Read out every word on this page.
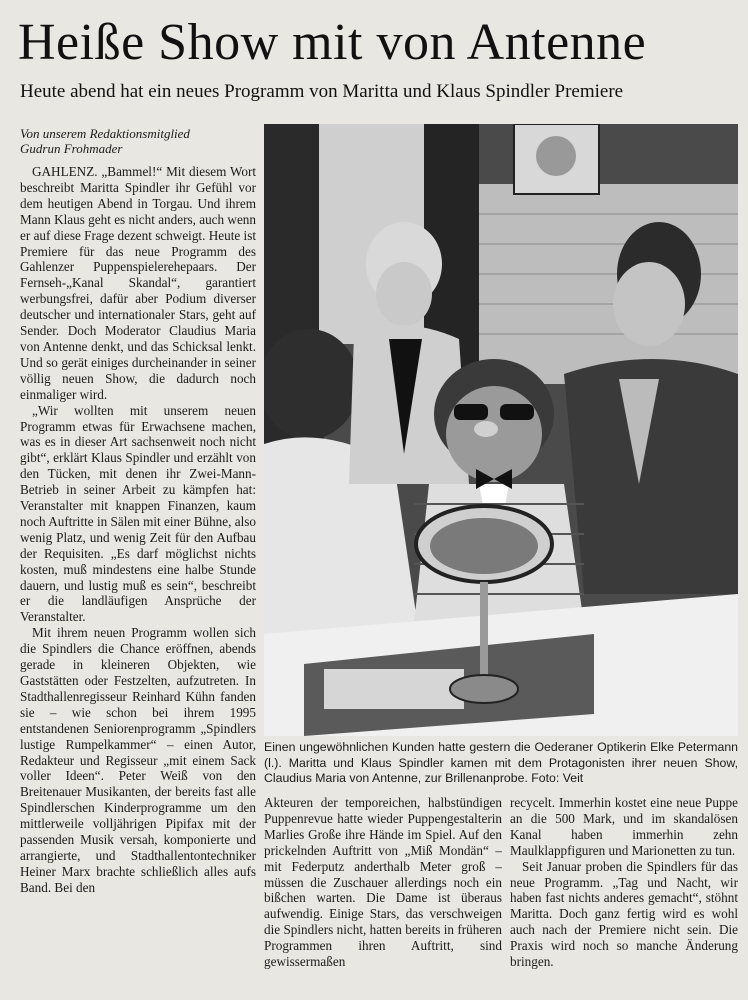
Heiße Show mit von Antenne
Heute abend hat ein neues Programm von Maritta und Klaus Spindler Premiere
Von unserem Redaktionsmitglied
Gudrun Frohmader

GAHLENZ. „Bammel!“ Mit diesem Wort beschreibt Maritta Spindler ihr Gefühl vor dem heutigen Abend in Torgau. Und ihrem Mann Klaus geht es nicht anders, auch wenn er auf diese Frage dezent schweigt. Heute ist Premiere für das neue Programm des Gahlenzer Puppenspielerehepaars. Der Fernseh-„Kanal Skandal“, garantiert werbungsfrei, dafür aber Podium diverser deutscher und internationaler Stars, geht auf Sender. Doch Moderator Claudius Maria von Antenne denkt, und das Schicksal lenkt. Und so gerät einiges durcheinander in seiner völlig neuen Show, die dadurch noch einmaliger wird.

„Wir wollten mit unserem neuen Programm etwas für Erwachsene machen, was es in dieser Art sachsenweit noch nicht gibt“, erklärt Klaus Spindler und erzählt von den Tücken, mit denen ihr Zwei-Mann-Betrieb in seiner Arbeit zu kämpfen hat: Veranstalter mit knappen Finanzen, kaum noch Auftritte in Sälen mit einer Bühne, also wenig Platz, und wenig Zeit für den Aufbau der Requisiten. „Es darf möglichst nichts kosten, muß mindestens eine halbe Stunde dauern, und lustig muß es sein“, beschreibt er die landläufigen Ansprüche der Veranstalter.

Mit ihrem neuen Programm wollen sich die Spindlers die Chance eröffnen, abends gerade in kleineren Objekten, wie Gaststätten oder Festzelten, aufzutreten. In Stadthallenregisseur Reinhard Kühn fanden sie – wie schon bei ihrem 1995 entstandenen Seniorenprogramm „Spindlers lustige Rumpelkammer“ – einen Autor, Redakteur und Regisseur „mit einem Sack voller Ideen“. Peter Weiß von den Breitenauer Musikanten, der bereits fast alle Spindlerschen Kinderprogramme um den mittlerweile volljährigen Pipifax mit der passenden Musik versah, komponierte und arrangierte, und Stadthallentontechniker Heiner Marx brachte schließlich alles aufs Band. Bei den

Einen ungewöhnlichen Kunden hatte gestern die Oederaner Optikerin Elke Petermann (l.). Maritta und Klaus Spindler kamen mit dem Protagonisten ihrer neuen Show, Claudius Maria von Antenne, zur Brillenanprobe. Foto: Veit

Akteuren der temporeichen, halbstündigen Puppenrevue hatte wieder Puppengestalterin Marlies Große ihre Hände im Spiel. Auf den prickelnden Auftritt von „Miß Mondän“ – mit Federputz anderthalb Meter groß – müssen die Zuschauer allerdings noch ein bißchen warten. Die Dame ist überaus aufwendig. Einige Stars, das verschweigen die Spindlers nicht, hatten bereits in früheren Programmen ihren Auftritt, sind gewissermaßen

recycelt. Immerhin kostet eine neue Puppe an die 500 Mark, und im skandalösen Kanal haben immerhin zehn Maulklappfiguren und Marionetten zu tun.

Seit Januar proben die Spindlers für das neue Programm. „Tag und Nacht, wir haben fast nichts anderes gemacht“, stöhnt Maritta. Doch ganz fertig wird es wohl auch nach der Premiere nicht sein. Die Praxis wird noch so manche Änderung bringen.
